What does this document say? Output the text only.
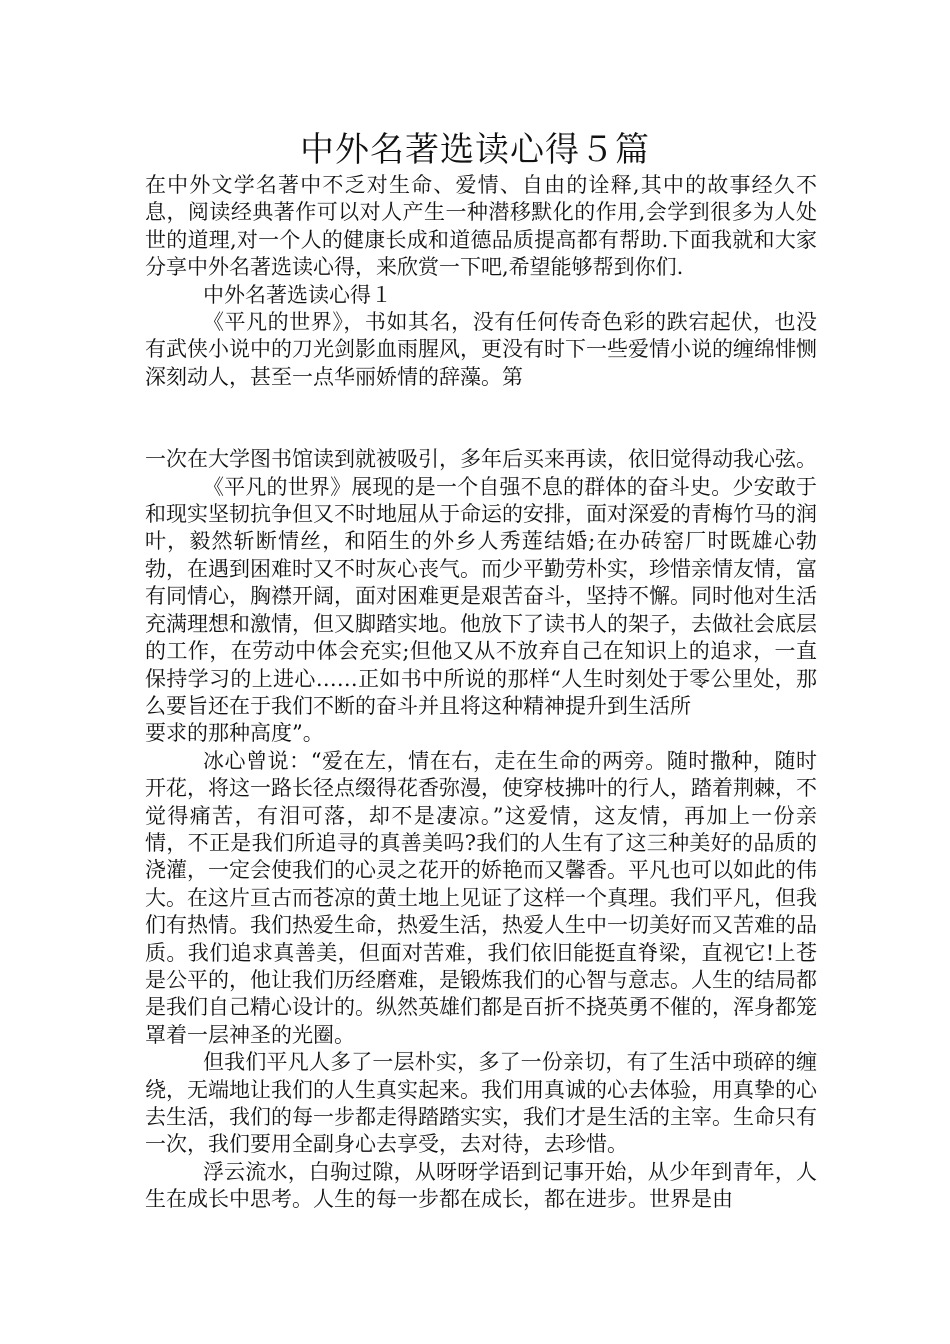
中外名著选读心得５篇

在中外文学名著中不乏对生命、爱情、自由的诠释,其中的故事经久不息，阅读经典著作可以对人产生一种潜移默化的作用,会学到很多为人处世的道理,对一个人的健康长成和道德品质提高都有帮助.下面我就和大家分享中外名著选读心得，来欣赏一下吧,希望能够帮到你们.

中外名著选读心得１

《平凡的世界》，书如其名，没有任何传奇色彩的跌宕起伏，也没有武侠小说中的刀光剑影血雨腥风，更没有时下一些爱情小说的缠绵悱恻深刻动人，甚至一点华丽娇情的辞藻。第

一次在大学图书馆读到就被吸引，多年后买来再读，依旧觉得动我心弦。

《平凡的世界》展现的是一个自强不息的群体的奋斗史。少安敢于和现实坚韧抗争但又不时地屈从于命运的安排，面对深爱的青梅竹马的润叶，毅然斩断情丝，和陌生的外乡人秀莲结婚;在办砖窑厂时既雄心勃勃，在遇到困难时又不时灰心丧气。而少平勤劳朴实，珍惜亲情友情，富有同情心，胸襟开阔，面对困难更是艰苦奋斗，坚持不懈。同时他对生活充满理想和激情，但又脚踏实地。他放下了读书人的架子，去做社会底层的工作，在劳动中体会充实;但他又从不放弃自己在知识上的追求，一直保持学习的上进心……正如书中所说的那样“人生时刻处于零公里处，那么要旨还在于我们不断的奋斗并且将这种精神提升到生活所

要求的那种高度”。

冰心曾说：“爱在左，情在右，走在生命的两旁。随时撒种，随时开花，将这一路长径点缀得花香弥漫，使穿枝拂叶的行人，踏着荆棘，不觉得痛苦，有泪可落，却不是凄凉。”这爱情，这友情，再加上一份亲情，不正是我们所追寻的真善美吗?我们的人生有了这三种美好的品质的浇灌，一定会使我们的心灵之花开的娇艳而又馨香。平凡也可以如此的伟大。在这片亘古而苍凉的黄土地上见证了这样一个真理。我们平凡，但我们有热情。我们热爱生命，热爱生活，热爱人生中一切美好而又苦难的品质。我们追求真善美，但面对苦难，我们依旧能挺直脊梁，直视它!上苍是公平的，他让我们历经磨难，是锻炼我们的心智与意志。人生的结局都是我们自己精心设计的。纵然英雄们都是百折不挠英勇不催的，浑身都笼罩着一层神圣的光圈。

但我们平凡人多了一层朴实，多了一份亲切，有了生活中琐碎的缠绕，无端地让我们的人生真实起来。我们用真诚的心去体验，用真挚的心去生活，我们的每一步都走得踏踏实实，我们才是生活的主宰。生命只有一次，我们要用全副身心去享受，去对待，去珍惜。

浮云流水，白驹过隙，从呀呀学语到记事开始，从少年到青年，人生在成长中思考。人生的每一步都在成长，都在进步。世界是由
